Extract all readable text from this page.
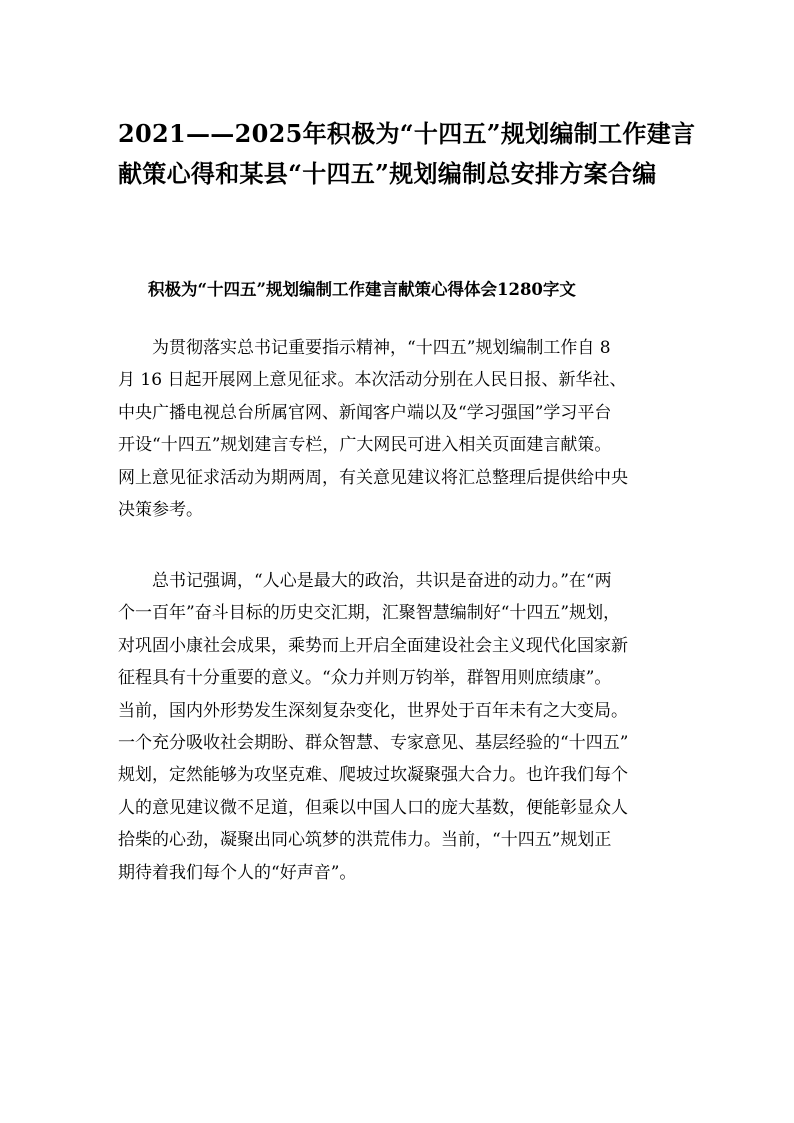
2021——2025年积极为“十四五”规划编制工作建言
献策心得和某县“十四五”规划编制总安排方案合编
积极为“十四五”规划编制工作建言献策心得体会1280字文
　　为贯彻落实总书记重要指示精神，“十四五”规划编制工作自 8
月 16 日起开展网上意见征求。本次活动分别在人民日报、新华社、
中央广播电视总台所属官网、新闻客户端以及“学习强国”学习平台
开设“十四五”规划建言专栏，广大网民可进入相关页面建言献策。
网上意见征求活动为期两周，有关意见建议将汇总整理后提供给中央
决策参考。
　　总书记强调，“人心是最大的政治，共识是奋进的动力。”在“两
个一百年”奋斗目标的历史交汇期，汇聚智慧编制好“十四五”规划，
对巩固小康社会成果，乘势而上开启全面建设社会主义现代化国家新
征程具有十分重要的意义。“众力并则万钧举，群智用则庶绩康”。
当前，国内外形势发生深刻复杂变化，世界处于百年未有之大变局。
一个充分吸收社会期盼、群众智慧、专家意见、基层经验的“十四五”
规划，定然能够为攻坚克难、爬坡过坎凝聚强大合力。也许我们每个
人的意见建议微不足道，但乘以中国人口的庞大基数，便能彰显众人
拾柴的心劲，凝聚出同心筑梦的洪荒伟力。当前，“十四五”规划正
期待着我们每个人的“好声音”。
